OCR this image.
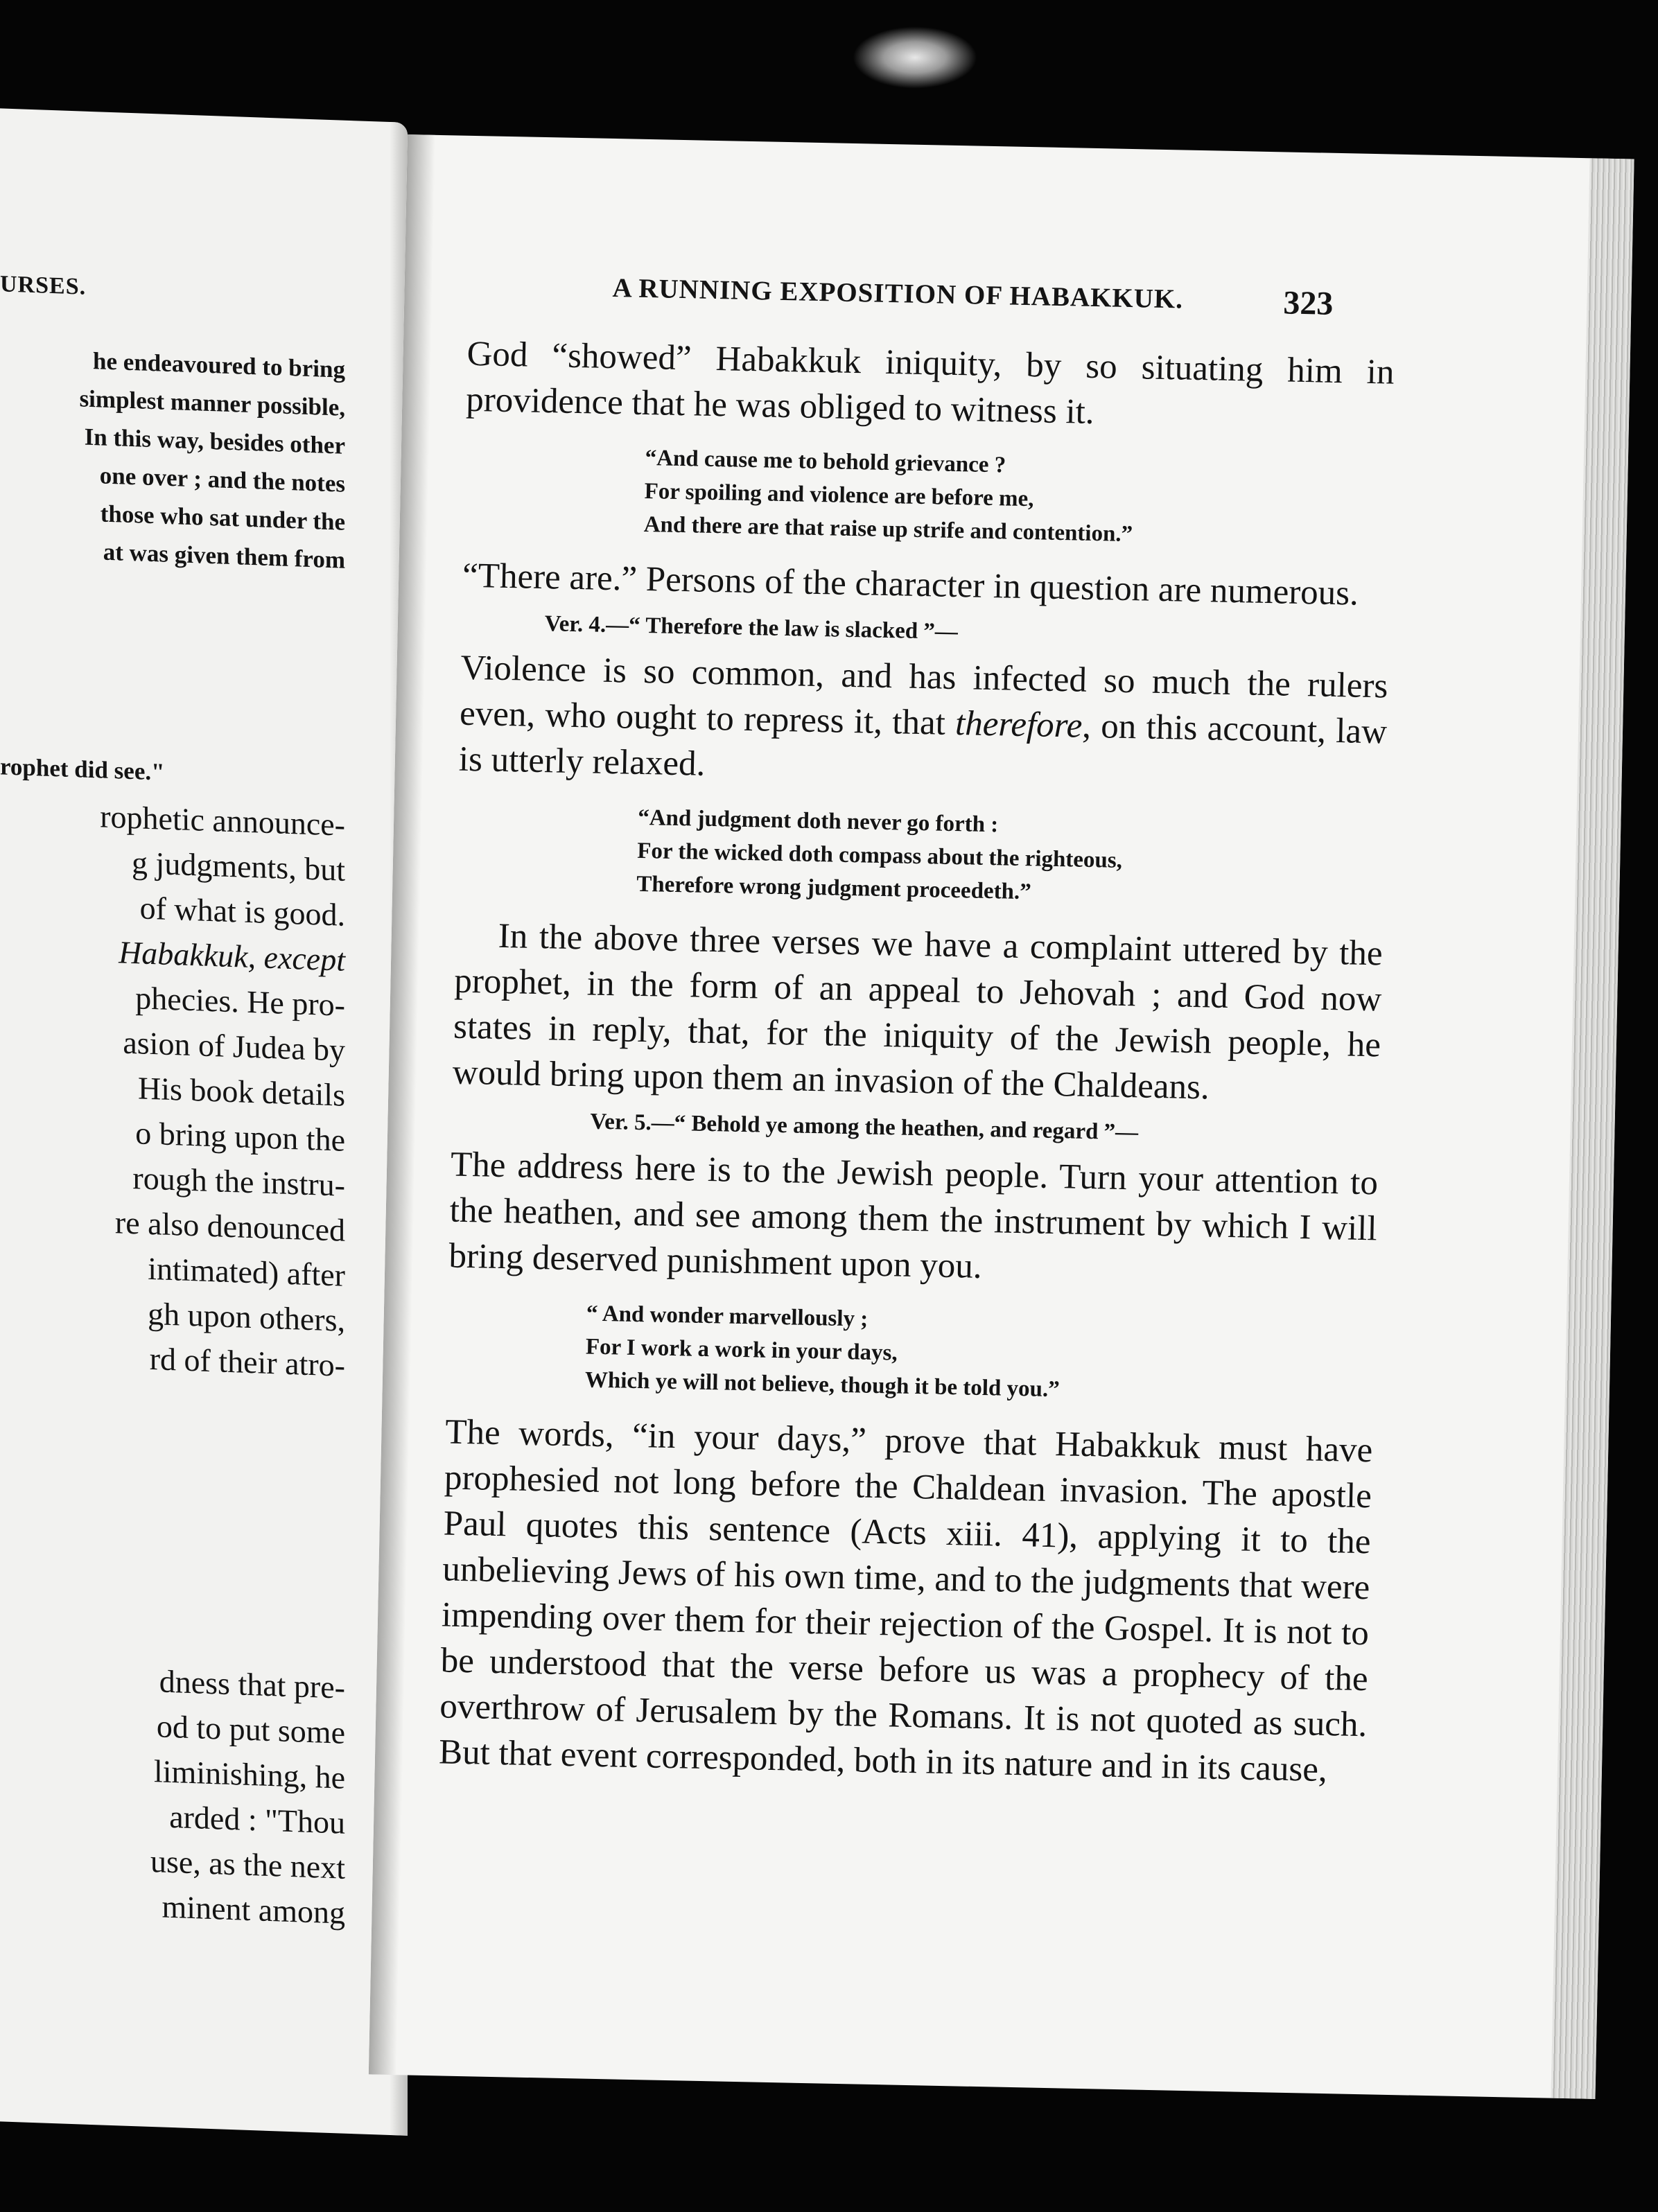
URSES.
he endeavoured to bring
simplest manner possible,
In this way, besides other
one over ; and the notes
those who sat under the
at was given them from
rophet did see."
rophetic announce-
g judgments, but
of what is good.
Habakkuk, except
phecies. He pro-
asion of Judea by
His book details
o bring upon the
rough the instru-
re also denounced
intimated) after
gh upon others,
rd of their atro-
dness that pre-
od to put some
liminishing, he
arded : "Thou
use, as the next
minent among
A RUNNING EXPOSITION OF HABAKKUK.	323

God “showed” Habakkuk iniquity, by so situating him in providence that he was obliged to witness it.

“And cause me to behold grievance ?
For spoiling and violence are before me,
And there are that raise up strife and contention.”

“There are.” Persons of the character in question are numerous.

Ver. 4.—“ Therefore the law is slacked ”—

Violence is so common, and has infected so much the rulers even, who ought to repress it, that therefore, on this account, law is utterly relaxed.

“And judgment doth never go forth :
For the wicked doth compass about the righteous,
Therefore wrong judgment proceedeth.”

In the above three verses we have a complaint uttered by the prophet, in the form of an appeal to Jehovah ; and God now states in reply, that, for the iniquity of the Jewish people, he would bring upon them an invasion of the Chaldeans.

Ver. 5.—“ Behold ye among the heathen, and regard ”—

The address here is to the Jewish people. Turn your attention to the heathen, and see among them the instrument by which I will bring deserved punishment upon you.

“ And wonder marvellously ;
For I work a work in your days,
Which ye will not believe, though it be told you.”

The words, “in your days,” prove that Habakkuk must have prophesied not long before the Chaldean invasion. The apostle Paul quotes this sentence (Acts xiii. 41), applying it to the unbelieving Jews of his own time, and to the judgments that were impending over them for their rejection of the Gospel. It is not to be understood that the verse before us was a prophecy of the overthrow of Jerusalem by the Romans. It is not quoted as such. But that event corresponded, both in its nature and in its cause,
